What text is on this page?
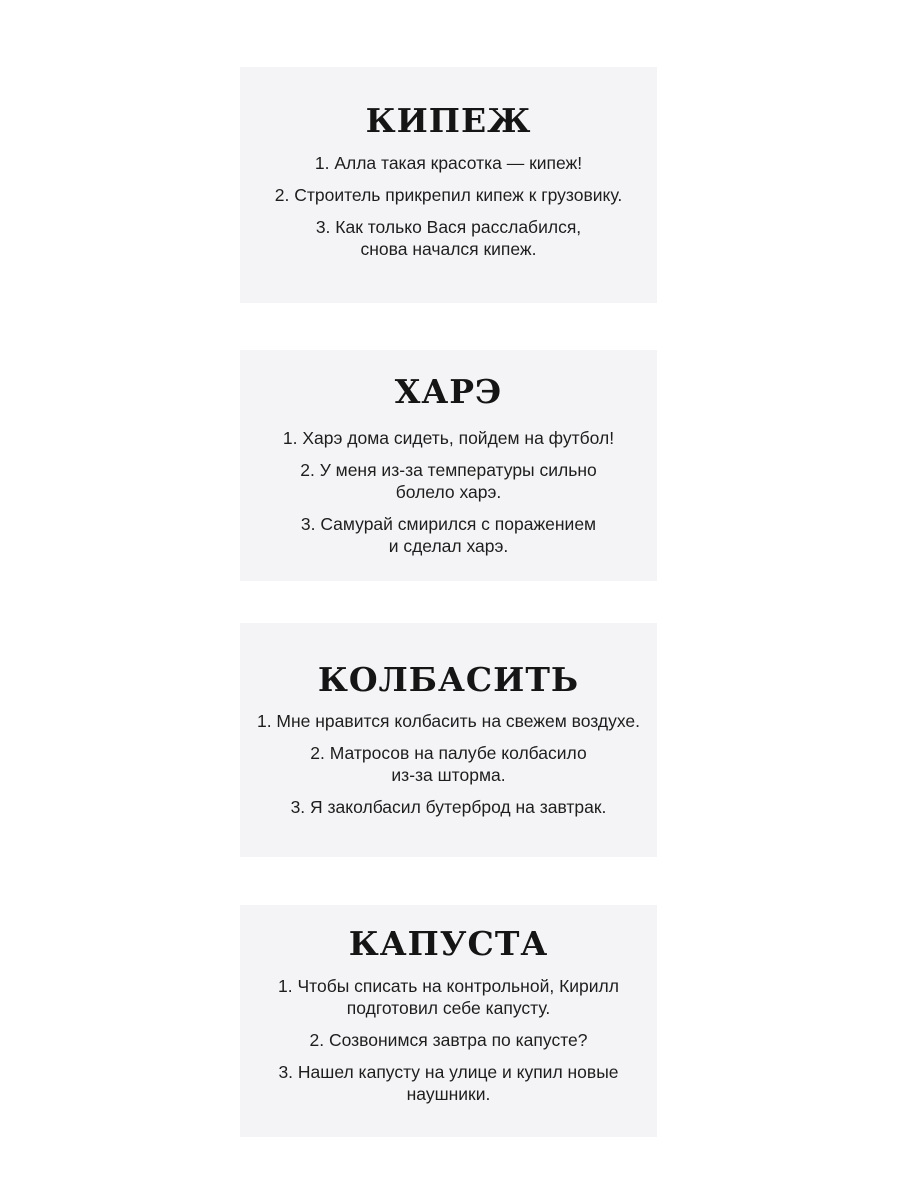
КИПЕЖ
1. Алла такая красотка — кипеж!
2. Строитель прикрепил кипеж к грузовику.
3. Как только Вася расслабился,
снова начался кипеж.
ХАРЭ
1. Харэ дома сидеть, пойдем на футбол!
2. У меня из-за температуры сильно
болело харэ.
3. Самурай смирился с поражением
и сделал харэ.
КОЛБАСИТЬ
1. Мне нравится колбасить на свежем воздухе.
2. Матросов на палубе колбасило
из-за шторма.
3. Я заколбасил бутерброд на завтрак.
КАПУСТА
1. Чтобы списать на контрольной, Кирилл
подготовил себе капусту.
2. Созвонимся завтра по капусте?
3. Нашел капусту на улице и купил новые
наушники.
